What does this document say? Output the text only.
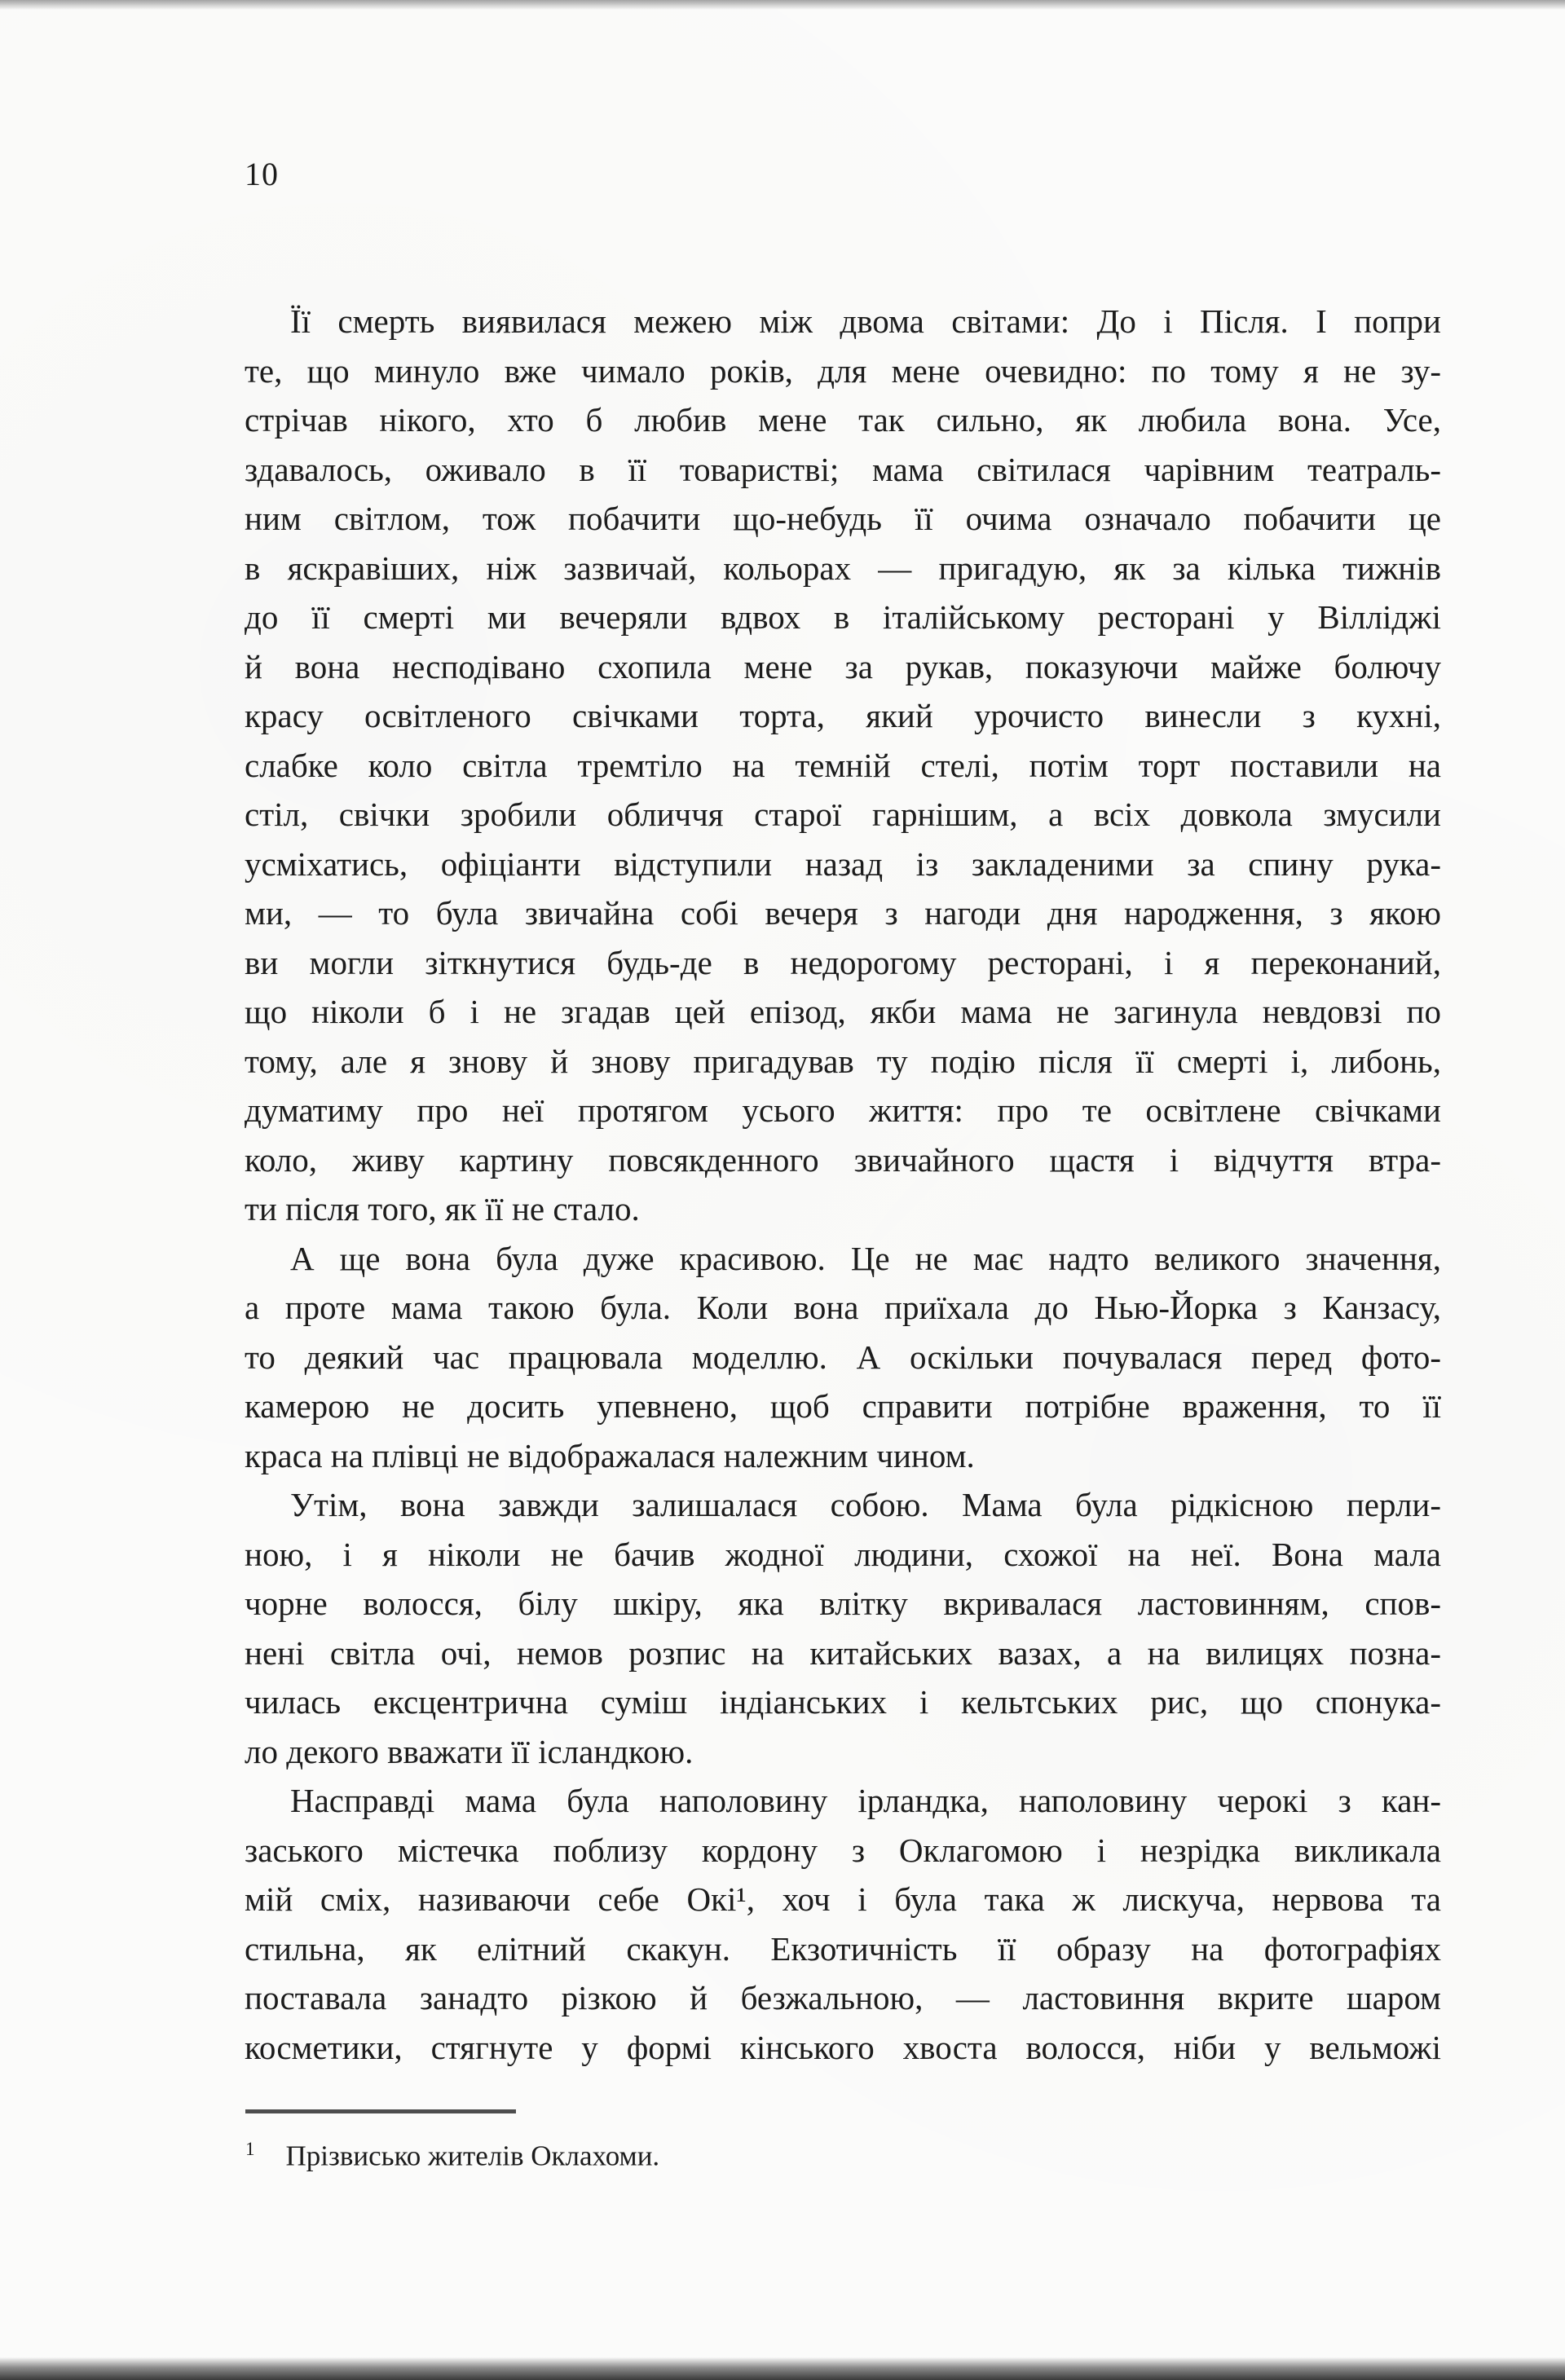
10
Її смерть виявилася межею між двома світами: До і Після. І попри
те, що минуло вже чимало років, для мене очевидно: по тому я не зу-
стрічав нікого, хто б любив мене так сильно, як любила вона. Усе,
здавалось, оживало в її товаристві; мама світилася чарівним театраль-
ним світлом, тож побачити що-небудь її очима означало побачити це
в яскравіших, ніж зазвичай, кольорах — пригадую, як за кілька тижнів
до її смерті ми вечеряли вдвох в італійському ресторані у Вілліджі
й вона несподівано схопила мене за рукав, показуючи майже болючу
красу освітленого свічками торта, який урочисто винесли з кухні,
слабке коло світла тремтіло на темній стелі, потім торт поставили на
стіл, свічки зробили обличчя старої гарнішим, а всіх довкола змусили
усміхатись, офіціанти відступили назад із закладеними за спину рука-
ми, — то була звичайна собі вечеря з нагоди дня народження, з якою
ви могли зіткнутися будь-де в недорогому ресторані, і я переконаний,
що ніколи б і не згадав цей епізод, якби мама не загинула невдовзі по
тому, але я знову й знову пригадував ту подію після її смерті і, либонь,
думатиму про неї протягом усього життя: про те освітлене свічками
коло, живу картину повсякденного звичайного щастя і відчуття втра-
ти після того, як її не стало.
А ще вона була дуже красивою. Це не має надто великого значення,
а проте мама такою була. Коли вона приїхала до Нью-Йорка з Канзасу,
то деякий час працювала моделлю. А оскільки почувалася перед фото-
камерою не досить упевнено, щоб справити потрібне враження, то її
краса на плівці не відображалася належним чином.
Утім, вона завжди залишалася собою. Мама була рідкісною перли-
ною, і я ніколи не бачив жодної людини, схожої на неї. Вона мала
чорне волосся, білу шкіру, яка влітку вкривалася ластовинням, спов-
нені світла очі, немов розпис на китайських вазах, а на вилицях позна-
чилась ексцентрична суміш індіанських і кельтських рис, що спонука-
ло декого вважати її ісландкою.
Насправді мама була наполовину ірландка, наполовину черокі з кан-
заського містечка поблизу кордону з Оклагомою і незрідка викликала
мій сміх, називаючи себе Окі¹, хоч і була така ж лискуча, нервова та
стильна, як елітний скакун. Екзотичність її образу на фотографіях
поставала занадто різкою й безжальною, — ластовиння вкрите шаром
косметики, стягнуте у формі кінського хвоста волосся, ніби у вельможі
$^1$ Прізвисько жителів Оклахоми.
